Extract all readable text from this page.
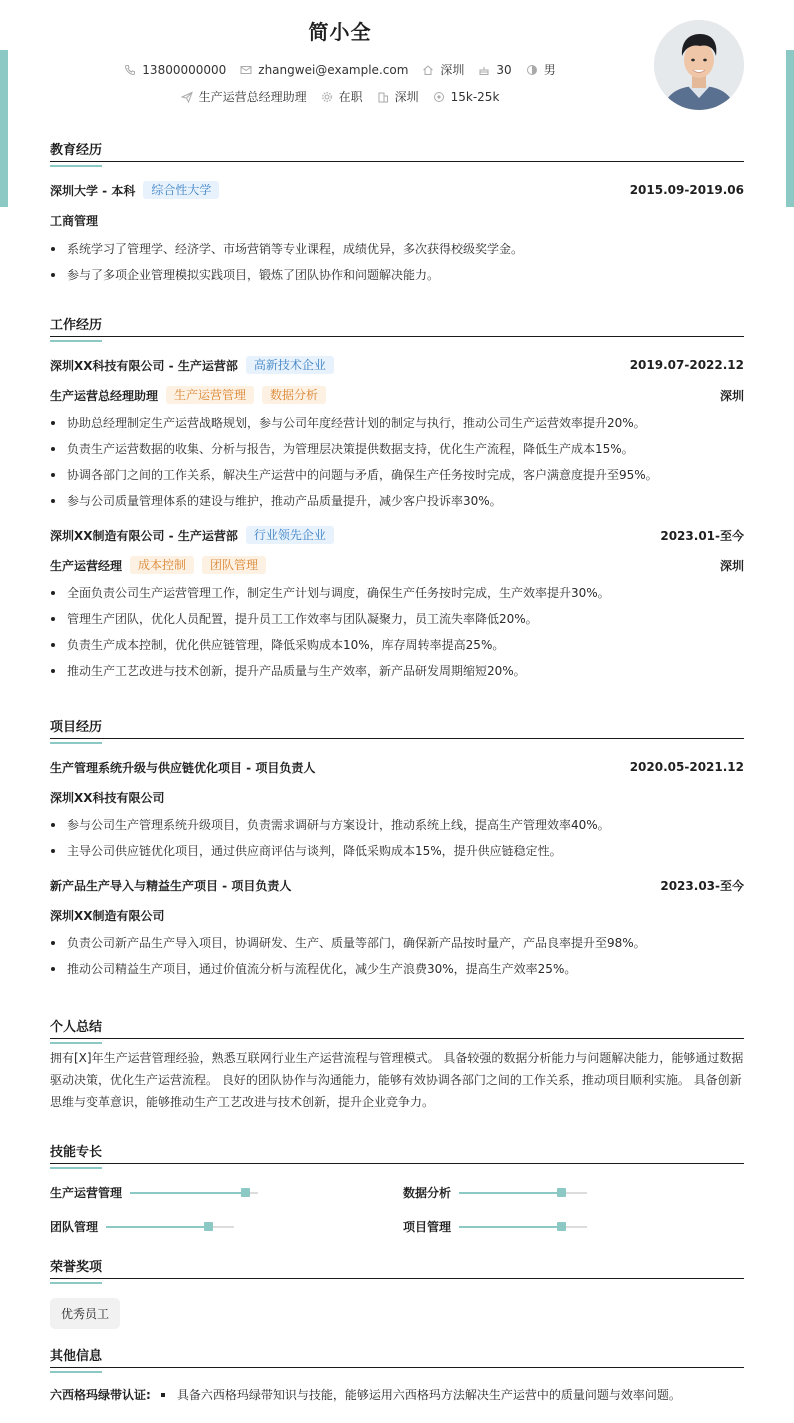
简小全
13800000000	zhangwei@example.com	深圳	30	男
生产运营总经理助理	在职	深圳	15k-25k
教育经历
深圳大学 - 本科	综合性大学	2015.09-2019.06
工商管理
系统学习了管理学、经济学、市场营销等专业课程，成绩优异，多次获得校级奖学金。
参与了多项企业管理模拟实践项目，锻炼了团队协作和问题解决能力。
工作经历
深圳XX科技有限公司 - 生产运营部	高新技术企业	2019.07-2022.12
生产运营总经理助理	生产运营管理	数据分析	深圳
协助总经理制定生产运营战略规划，参与公司年度经营计划的制定与执行，推动公司生产运营效率提升20%。
负责生产运营数据的收集、分析与报告，为管理层决策提供数据支持，优化生产流程，降低生产成本15%。
协调各部门之间的工作关系，解决生产运营中的问题与矛盾，确保生产任务按时完成，客户满意度提升至95%。
参与公司质量管理体系的建设与维护，推动产品质量提升，减少客户投诉率30%。
深圳XX制造有限公司 - 生产运营部	行业领先企业	2023.01-至今
生产运营经理	成本控制	团队管理	深圳
全面负责公司生产运营管理工作，制定生产计划与调度，确保生产任务按时完成，生产效率提升30%。
管理生产团队，优化人员配置，提升员工工作效率与团队凝聚力，员工流失率降低20%。
负责生产成本控制，优化供应链管理，降低采购成本10%，库存周转率提高25%。
推动生产工艺改进与技术创新，提升产品质量与生产效率，新产品研发周期缩短20%。
项目经历
生产管理系统升级与供应链优化项目 - 项目负责人	2020.05-2021.12
深圳XX科技有限公司
参与公司生产管理系统升级项目，负责需求调研与方案设计，推动系统上线，提高生产管理效率40%。
主导公司供应链优化项目，通过供应商评估与谈判，降低采购成本15%，提升供应链稳定性。
新产品生产导入与精益生产项目 - 项目负责人	2023.03-至今
深圳XX制造有限公司
负责公司新产品生产导入项目，协调研发、生产、质量等部门，确保新产品按时量产，产品良率提升至98%。
推动公司精益生产项目，通过价值流分析与流程优化，减少生产浪费30%，提高生产效率25%。
个人总结
拥有[X]年生产运营管理经验，熟悉互联网行业生产运营流程与管理模式。 具备较强的数据分析能力与问题解决能力，能够通过数据驱动决策，优化生产运营流程。 良好的团队协作与沟通能力，能够有效协调各部门之间的工作关系，推动项目顺利实施。 具备创新思维与变革意识，能够推动生产工艺改进与技术创新，提升企业竞争力。
技能专长
生产运营管理	数据分析
团队管理	项目管理
荣誉奖项
优秀员工
其他信息
六西格玛绿带认证: 具备六西格玛绿带知识与技能，能够运用六西格玛方法解决生产运营中的质量问题与效率问题。
